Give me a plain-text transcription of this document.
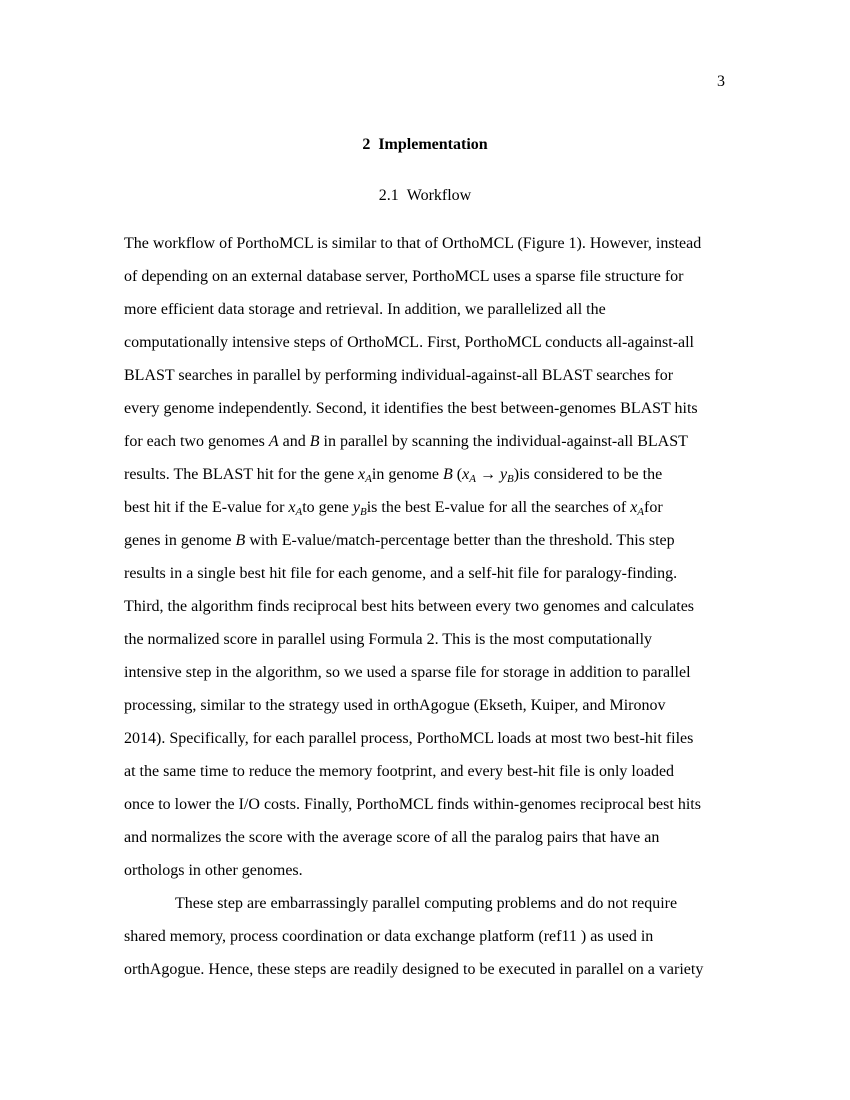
3
2 Implementation
2.1 Workflow
The workflow of PorthoMCL is similar to that of OrthoMCL (Figure 1). However, instead
of depending on an external database server, PorthoMCL uses a sparse file structure for
more efficient data storage and retrieval. In addition, we parallelized all the
computationally intensive steps of OrthoMCL. First, PorthoMCL conducts all-against-all
BLAST searches in parallel by performing individual-against-all BLAST searches for
every genome independently. Second, it identifies the best between-genomes BLAST hits
for each two genomes A and B in parallel by scanning the individual-against-all BLAST
results. The BLAST hit for the gene $x_Ain$ genome B $(x_A \to y_B)is$ considered to be the
best hit if the E-value for $x_Ato$ gene $y_Bis$ the best E-value for all the searches of $x_Afor$
genes in genome B with E-value/match-percentage better than the threshold. This step
results in a single best hit file for each genome, and a self-hit file for paralogy-finding.
Third, the algorithm finds reciprocal best hits between every two genomes and calculates
the normalized score in parallel using Formula 2. This is the most computationally
intensive step in the algorithm, so we used a sparse file for storage in addition to parallel
processing, similar to the strategy used in orthAgogue (Ekseth, Kuiper, and Mironov
2014). Specifically, for each parallel process, PorthoMCL loads at most two best-hit files
at the same time to reduce the memory footprint, and every best-hit file is only loaded
once to lower the I/O costs. Finally, PorthoMCL finds within-genomes reciprocal best hits
and normalizes the score with the average score of all the paralog pairs that have an
orthologs in other genomes.
These step are embarrassingly parallel computing problems and do not require
shared memory, process coordination or data exchange platform (ref11 ) as used in
orthAgogue. Hence, these steps are readily designed to be executed in parallel on a variety
